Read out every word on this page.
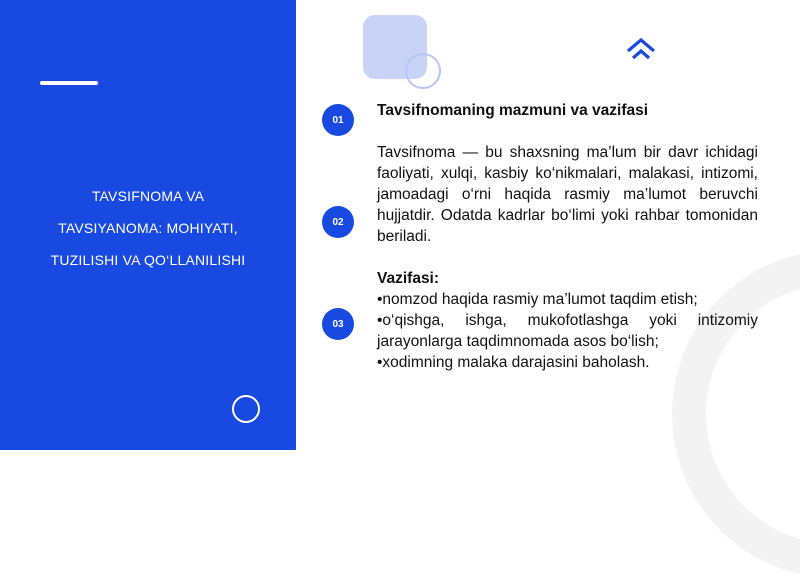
TAVSIFNOMA VA
TAVSIYANOMA: MOHIYATI,
TUZILISHI VA QO‘LLANILISHI
01
02
03

Tavsifnomaning mazmuni va vazifasi

Tavsifnoma — bu shaxsning ma’lum bir davr ichidagi faoliyati, xulqi, kasbiy ko‘nikmalari, malakasi, intizomi, jamoadagi o‘rni haqida rasmiy ma’lumot beruvchi hujjatdir. Odatda kadrlar bo‘limi yoki rahbar tomonidan beriladi.

Vazifasi:

•nomzod haqida rasmiy ma’lumot taqdim etish;

•o‘qishga, ishga, mukofotlashga yoki intizomiy jarayonlarga taqdimnomada asos bo‘lish;

•xodimning malaka darajasini baholash.
